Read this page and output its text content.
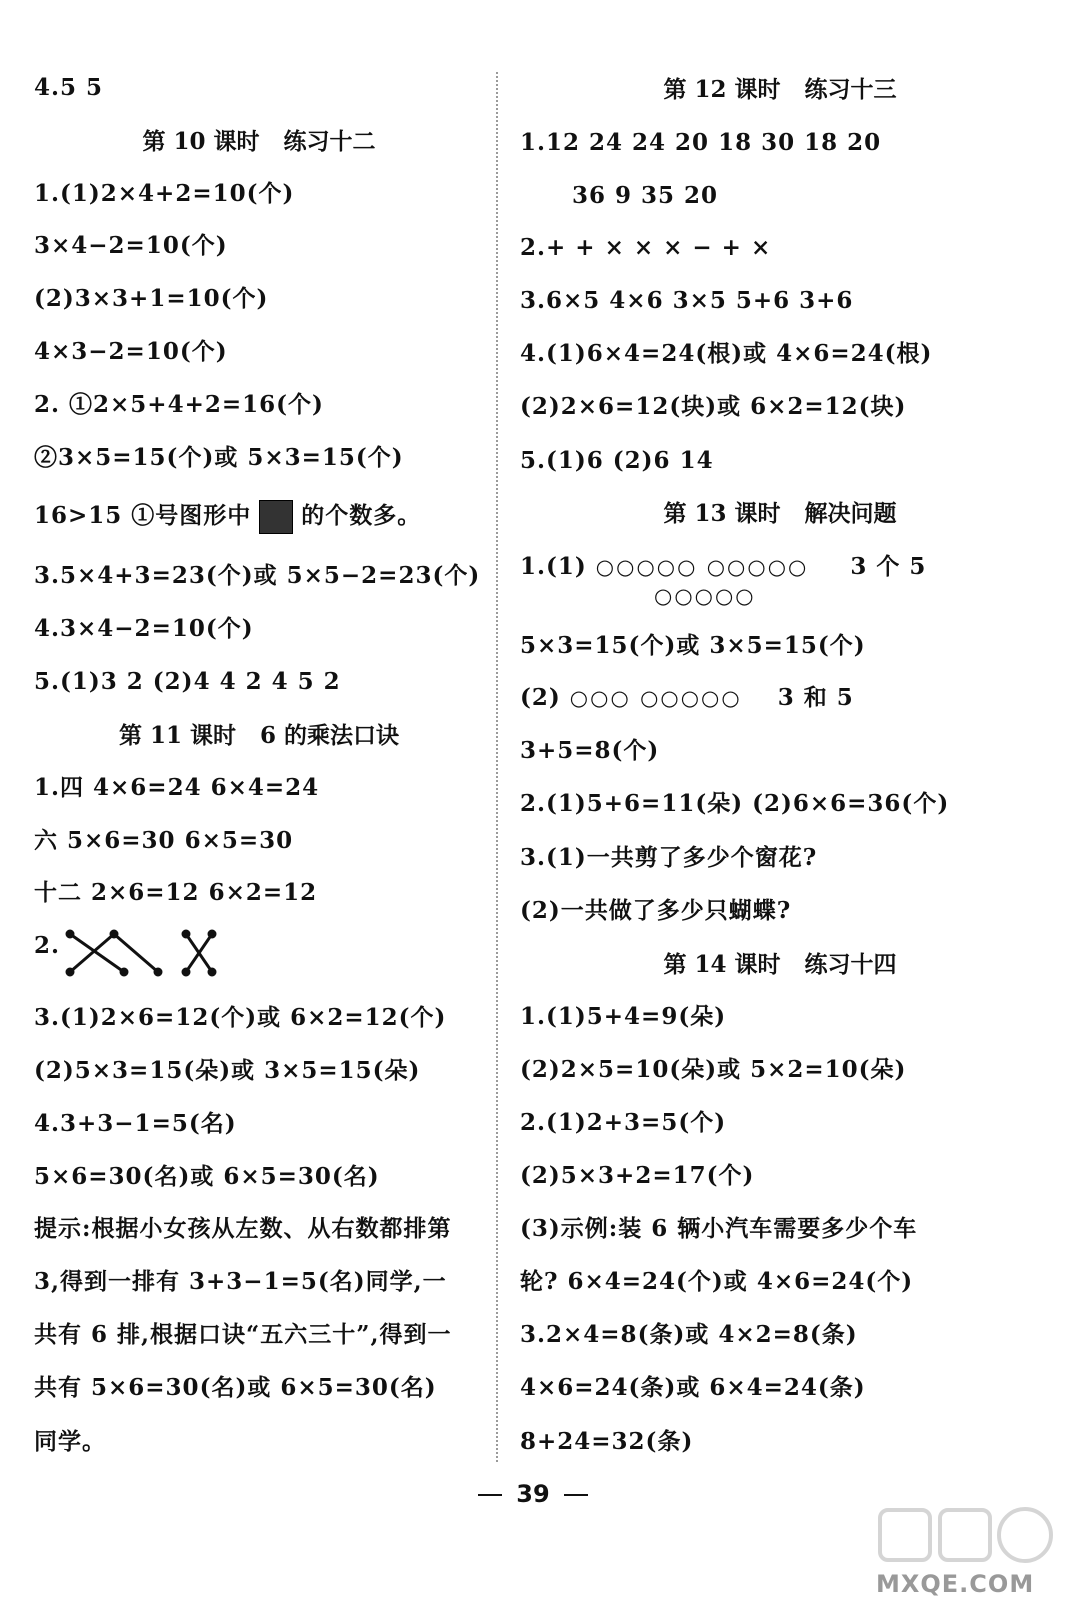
4.5 5
第 10 课时 练习十二
1.(1)2×4+2=10(个)
3×4−2=10(个)
(2)3×3+1=10(个)
4×3−2=10(个)
2. ①2×5+4+2=16(个)
②3×5=15(个)或 5×3=15(个)
16>15 ①号图形中 的个数多。
3.5×4+3=23(个)或 5×5−2=23(个)
4.3×4−2=10(个)
5.(1)3 2 (2)4 4 2 4 5 2
第 11 课时 6 的乘法口诀
1.四 4×6=24 6×4=24
六 5×6=30 6×5=30
十二 2×6=12 6×2=12
2.
3.(1)2×6=12(个)或 6×2=12(个)
(2)5×3=15(朵)或 3×5=15(朵)
4.3+3−1=5(名)
5×6=30(名)或 6×5=30(名)
提示:根据小女孩从左数、从右数都排第
3,得到一排有 3+3−1=5(名)同学,一
共有 6 排,根据口诀“五六三十”,得到一
共有 5×6=30(名)或 6×5=30(名)
同学。
第 12 课时 练习十三
1.12 24 24 20 18 30 18 20
36 9 35 20
2.+ + × × × − + ×
3.6×5 4×6 3×5 5+6 3+6
4.(1)6×4=24(根)或 4×6=24(根)
(2)2×6=12(块)或 6×2=12(块)
5.(1)6 (2)6 14
第 13 课时 解决问题
1.(1) ○○○○○ ○○○○○ 3 个 5
○○○○○
5×3=15(个)或 3×5=15(个)
(2) ○○○ ○○○○○ 3 和 5
3+5=8(个)
2.(1)5+6=11(朵) (2)6×6=36(个)
3.(1)一共剪了多少个窗花?
(2)一共做了多少只蝴蝶?
第 14 课时 练习十四
1.(1)5+4=9(朵)
(2)2×5=10(朵)或 5×2=10(朵)
2.(1)2+3=5(个)
(2)5×3+2=17(个)
(3)示例:装 6 辆小汽车需要多少个车
轮? 6×4=24(个)或 4×6=24(个)
3.2×4=8(条)或 4×2=8(条)
4×6=24(条)或 6×4=24(条)
8+24=32(条)
39
MXQE.COM
